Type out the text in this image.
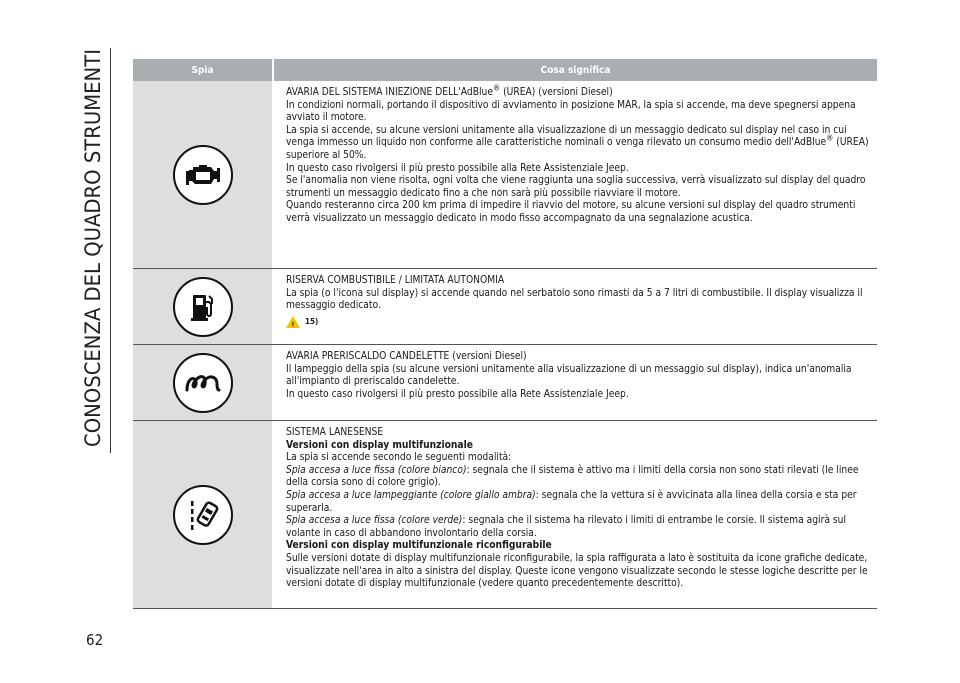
CONOSCENZA DEL QUADRO STRUMENTI
62
Spia	Cosa significa

AVARIA DEL SISTEMA INIEZIONE DELL'AdBlue® (UREA) (versioni Diesel)

In condizioni normali, portando il dispositivo di avviamento in posizione MAR, la spia si accende, ma deve spegnersi appena avviato il motore.

La spia si accende, su alcune versioni unitamente alla visualizzazione di un messaggio dedicato sul display nel caso in cui venga immesso un liquido non conforme alle caratteristiche nominali o venga rilevato un consumo medio dell'AdBlue® (UREA) superiore al 50%.

In questo caso rivolgersi il più presto possibile alla Rete Assistenziale Jeep.

Se l'anomalia non viene risolta, ogni volta che viene raggiunta una soglia successiva, verrà visualizzato sul display del quadro strumenti un messaggio dedicato fino a che non sarà più possibile riavviare il motore.

Quando resteranno circa 200 km prima di impedire il riavvio del motore, su alcune versioni sul display del quadro strumenti verrà visualizzato un messaggio dedicato in modo fisso accompagnato da una segnalazione acustica.

RISERVA COMBUSTIBILE / LIMITATA AUTONOMIA

La spia (o l'icona sul display) si accende quando nel serbatoio sono rimasti da 5 a 7 litri di combustibile. Il display visualizza il messaggio dedicato.

! 15)

AVARIA PRERISCALDO CANDELETTE (versioni Diesel)

Il lampeggio della spia (su alcune versioni unitamente alla visualizzazione di un messaggio sul display), indica un'anomalia all'impianto di preriscaldo candelette.

In questo caso rivolgersi il più presto possibile alla Rete Assistenziale Jeep.

SISTEMA LANESENSE

Versioni con display multifunzionale

La spia si accende secondo le seguenti modalità:

Spia accesa a luce fissa (colore bianco): segnala che il sistema è attivo ma i limiti della corsia non sono stati rilevati (le linee della corsia sono di colore grigio).

Spia accesa a luce lampeggiante (colore giallo ambra): segnala che la vettura si è avvicinata alla linea della corsia e sta per superarla.

Spia accesa a luce fissa (colore verde): segnala che il sistema ha rilevato i limiti di entrambe le corsie. Il sistema agirà sul volante in caso di abbandono involontario della corsia.

Versioni con display multifunzionale riconfigurabile

Sulle versioni dotate di display multifunzionale riconfigurabile, la spia raffigurata a lato è sostituita da icone grafiche dedicate, visualizzate nell'area in alto a sinistra del display. Queste icone vengono visualizzate secondo le stesse logiche descritte per le versioni dotate di display multifunzionale (vedere quanto precedentemente descritto).
